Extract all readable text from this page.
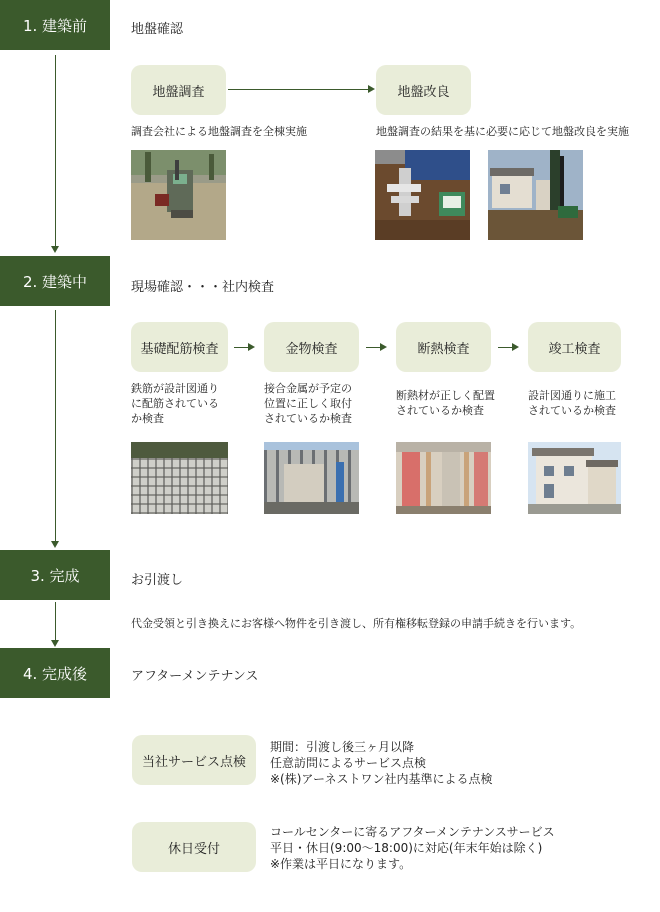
1. 建築前
2. 建築中
3. 完成
4. 完成後
地盤確認
現場確認・・・社内検査
お引渡し
アフターメンテナンス
地盤調査	地盤改良
調査会社による地盤調査を全棟実施	地盤調査の結果を基に必要に応じて地盤改良を実施
基礎配筋検査	金物検査	断熱検査	竣工検査
鉄筋が設計図通り
に配筋されている
か検査
接合金属が予定の
位置に正しく取付
されているか検査
断熱材が正しく配置
されているか検査
設計図通りに施工
されているか検査
代金受領と引き換えにお客様へ物件を引き渡し、所有権移転登録の申請手続きを行います。
当社サービス点検
期間：引渡し後三ヶ月以降
任意訪問によるサービス点検
※(株)アーネストワン社内基準による点検
休日受付
コールセンターに寄るアフターメンテナンスサービス
平日・休日(9:00〜18:00)に対応(年末年始は除く)
※作業は平日になります。
